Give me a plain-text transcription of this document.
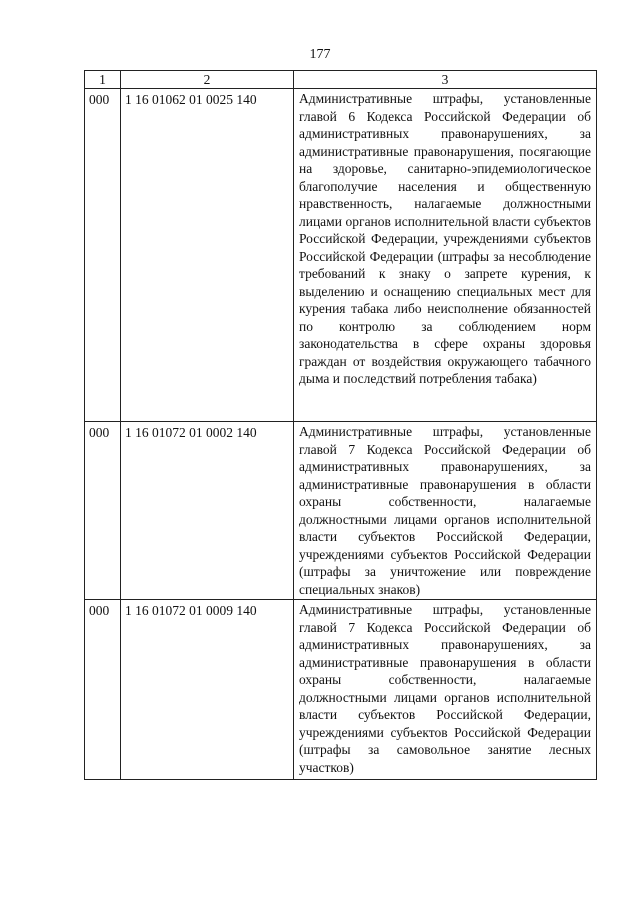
177
1	2	3
000	1 16 01062 01 0025 140	Административные штрафы, установленные главой 6 Кодекса Российской Федерации об административных правонарушениях, за административные правонарушения, посягающие на здоровье, санитарно-эпидемиологическое благополучие населения и общественную нравственность, налагаемые должностными лицами органов исполнительной власти субъектов Российской Федерации, учреждениями субъектов Российской Федерации (штрафы за несоблюдение требований к знаку о запрете курения, к выделению и оснащению специальных мест для курения табака либо неисполнение обязанностей по контролю за соблюдением норм законодательства в сфере охраны здоровья граждан от воздействия окружающего табачного дыма и последствий потребления табака)
000	1 16 01072 01 0002 140	Административные штрафы, установленные главой 7 Кодекса Российской Федерации об административных правонарушениях, за административные правонарушения в области охраны собственности, налагаемые должностными лицами органов исполнительной власти субъектов Российской Федерации, учреждениями субъектов Российской Федерации (штрафы за уничтожение или повреждение специальных знаков)
000	1 16 01072 01 0009 140	Административные штрафы, установленные главой 7 Кодекса Российской Федерации об административных правонарушениях, за административные правонарушения в области охраны собственности, налагаемые должностными лицами органов исполнительной власти субъектов Российской Федерации, учреждениями субъектов Российской Федерации (штрафы за самовольное занятие лесных участков)
